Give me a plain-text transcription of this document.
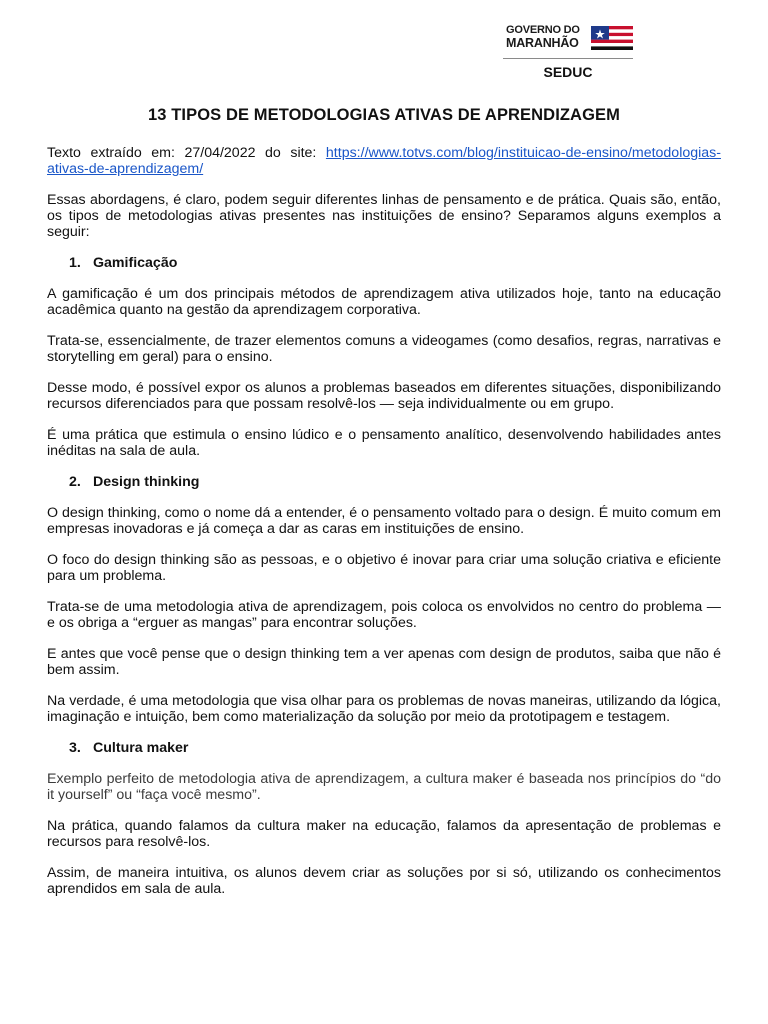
GOVERNO DO
MARANHÃO
SEDUC
13 TIPOS DE METODOLOGIAS ATIVAS DE APRENDIZAGEM

Texto extraído em: 27/04/2022 do site: https://www.totvs.com/blog/instituicao-de-ensino/metodologias-ativas-de-aprendizagem/

Essas abordagens, é claro, podem seguir diferentes linhas de pensamento e de prática. Quais são, então, os tipos de metodologias ativas presentes nas instituições de ensino? Separamos alguns exemplos a seguir:

1. Gamificação

A gamificação é um dos principais métodos de aprendizagem ativa utilizados hoje, tanto na educação acadêmica quanto na gestão da aprendizagem corporativa.

Trata-se, essencialmente, de trazer elementos comuns a videogames (como desafios, regras, narrativas e storytelling em geral) para o ensino.

Desse modo, é possível expor os alunos a problemas baseados em diferentes situações, disponibilizando recursos diferenciados para que possam resolvê-los — seja individualmente ou em grupo.

É uma prática que estimula o ensino lúdico e o pensamento analítico, desenvolvendo habilidades antes inéditas na sala de aula.

2. Design thinking

O design thinking, como o nome dá a entender, é o pensamento voltado para o design. É muito comum em empresas inovadoras e já começa a dar as caras em instituições de ensino.

O foco do design thinking são as pessoas, e o objetivo é inovar para criar uma solução criativa e eficiente para um problema.

Trata-se de uma metodologia ativa de aprendizagem, pois coloca os envolvidos no centro do problema — e os obriga a “erguer as mangas” para encontrar soluções.

E antes que você pense que o design thinking tem a ver apenas com design de produtos, saiba que não é bem assim.

Na verdade, é uma metodologia que visa olhar para os problemas de novas maneiras, utilizando da lógica, imaginação e intuição, bem como materialização da solução por meio da prototipagem e testagem.

3. Cultura maker

Exemplo perfeito de metodologia ativa de aprendizagem, a cultura maker é baseada nos princípios do “do it yourself” ou “faça você mesmo”.

Na prática, quando falamos da cultura maker na educação, falamos da apresentação de problemas e recursos para resolvê-los.

Assim, de maneira intuitiva, os alunos devem criar as soluções por si só, utilizando os conhecimentos aprendidos em sala de aula.
